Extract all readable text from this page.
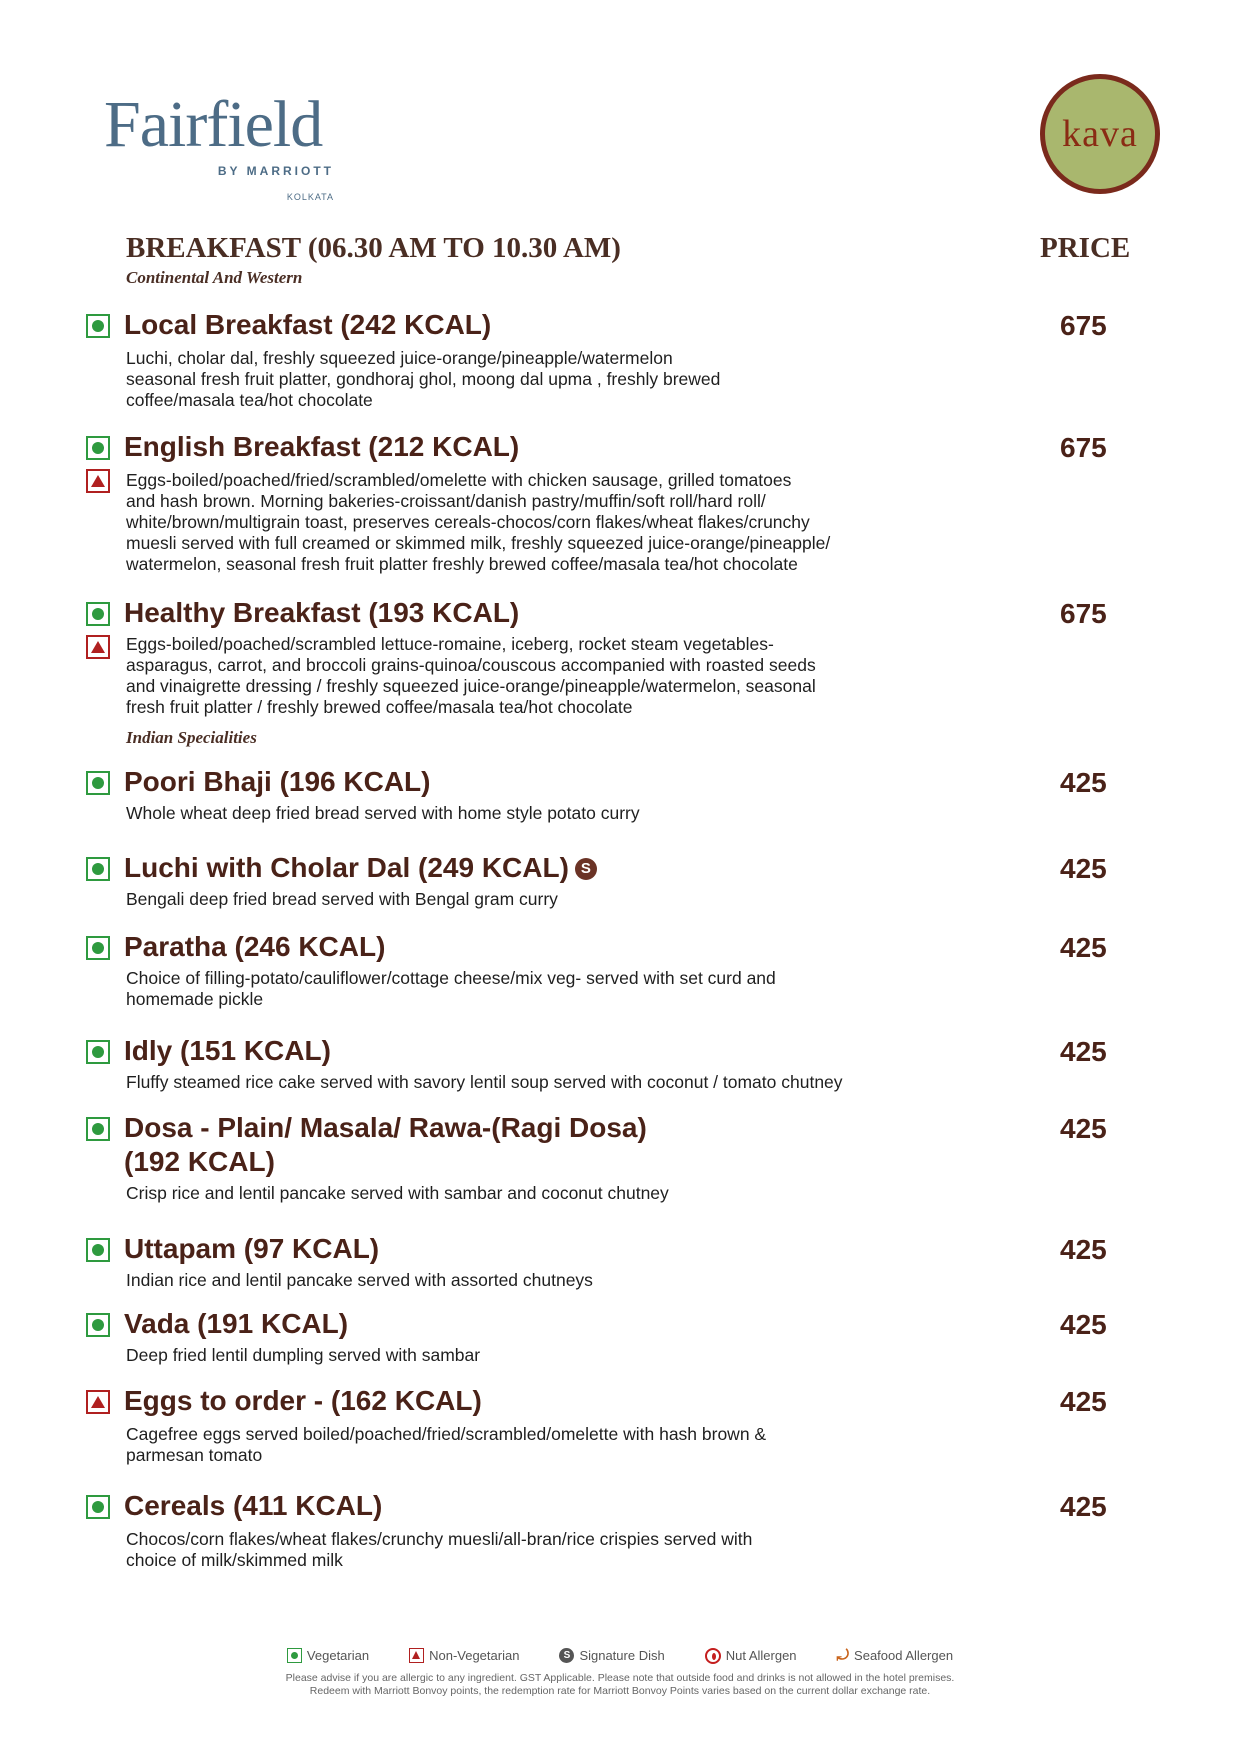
Fairfield
BY MARRIOTT
KOLKATA
kava
BREAKFAST (06.30 AM TO 10.30 AM)	PRICE
Continental And Western
Indian Specialities
Local Breakfast (242 KCAL)
Luchi, cholar dal, freshly squeezed juice-orange/pineapple/watermelon
seasonal fresh fruit platter, gondhoraj ghol, moong dal upma , freshly brewed
coffee/masala tea/hot chocolate
675
English Breakfast (212 KCAL)
Eggs-boiled/poached/fried/scrambled/omelette with chicken sausage, grilled tomatoes
and hash brown. Morning bakeries-croissant/danish pastry/muffin/soft roll/hard roll/
white/brown/multigrain toast, preserves cereals-chocos/corn flakes/wheat flakes/crunchy
muesli served with full creamed or skimmed milk, freshly squeezed juice-orange/pineapple/
watermelon, seasonal fresh fruit platter freshly brewed coffee/masala tea/hot chocolate
675
Healthy Breakfast (193 KCAL)
Eggs-boiled/poached/scrambled lettuce-romaine, iceberg, rocket steam vegetables-
asparagus, carrot, and broccoli grains-quinoa/couscous accompanied with roasted seeds
and vinaigrette dressing / freshly squeezed juice-orange/pineapple/watermelon, seasonal
fresh fruit platter / freshly brewed coffee/masala tea/hot chocolate
675
Poori Bhaji (196 KCAL)
Whole wheat deep fried bread served with home style potato curry
425
Luchi with Cholar Dal (249 KCAL) S
Bengali deep fried bread served with Bengal gram curry
425
Paratha (246 KCAL)
Choice of filling-potato/cauliflower/cottage cheese/mix veg- served with set curd and
homemade pickle
425
Idly (151 KCAL)
Fluffy steamed rice cake served with savory lentil soup served with coconut / tomato chutney
425
Dosa - Plain/ Masala/ Rawa-(Ragi Dosa)
(192 KCAL)
Crisp rice and lentil pancake served with sambar and coconut chutney
425
Uttapam (97 KCAL)
Indian rice and lentil pancake served with assorted chutneys
425
Vada (191 KCAL)
Deep fried lentil dumpling served with sambar
425
Eggs to order - (162 KCAL)
Cagefree eggs served boiled/poached/fried/scrambled/omelette with hash brown &
parmesan tomato
425
Cereals (411 KCAL)
Chocos/corn flakes/wheat flakes/crunchy muesli/all-bran/rice crispies served with
choice of milk/skimmed milk
425
Vegetarian	Non-Vegetarian	S Signature Dish	Nut Allergen	⤾ Seafood Allergen
Please advise if you are allergic to any ingredient. GST Applicable. Please note that outside food and drinks is not allowed in the hotel premises.
Redeem with Marriott Bonvoy points, the redemption rate for Marriott Bonvoy Points varies based on the current dollar exchange rate.
